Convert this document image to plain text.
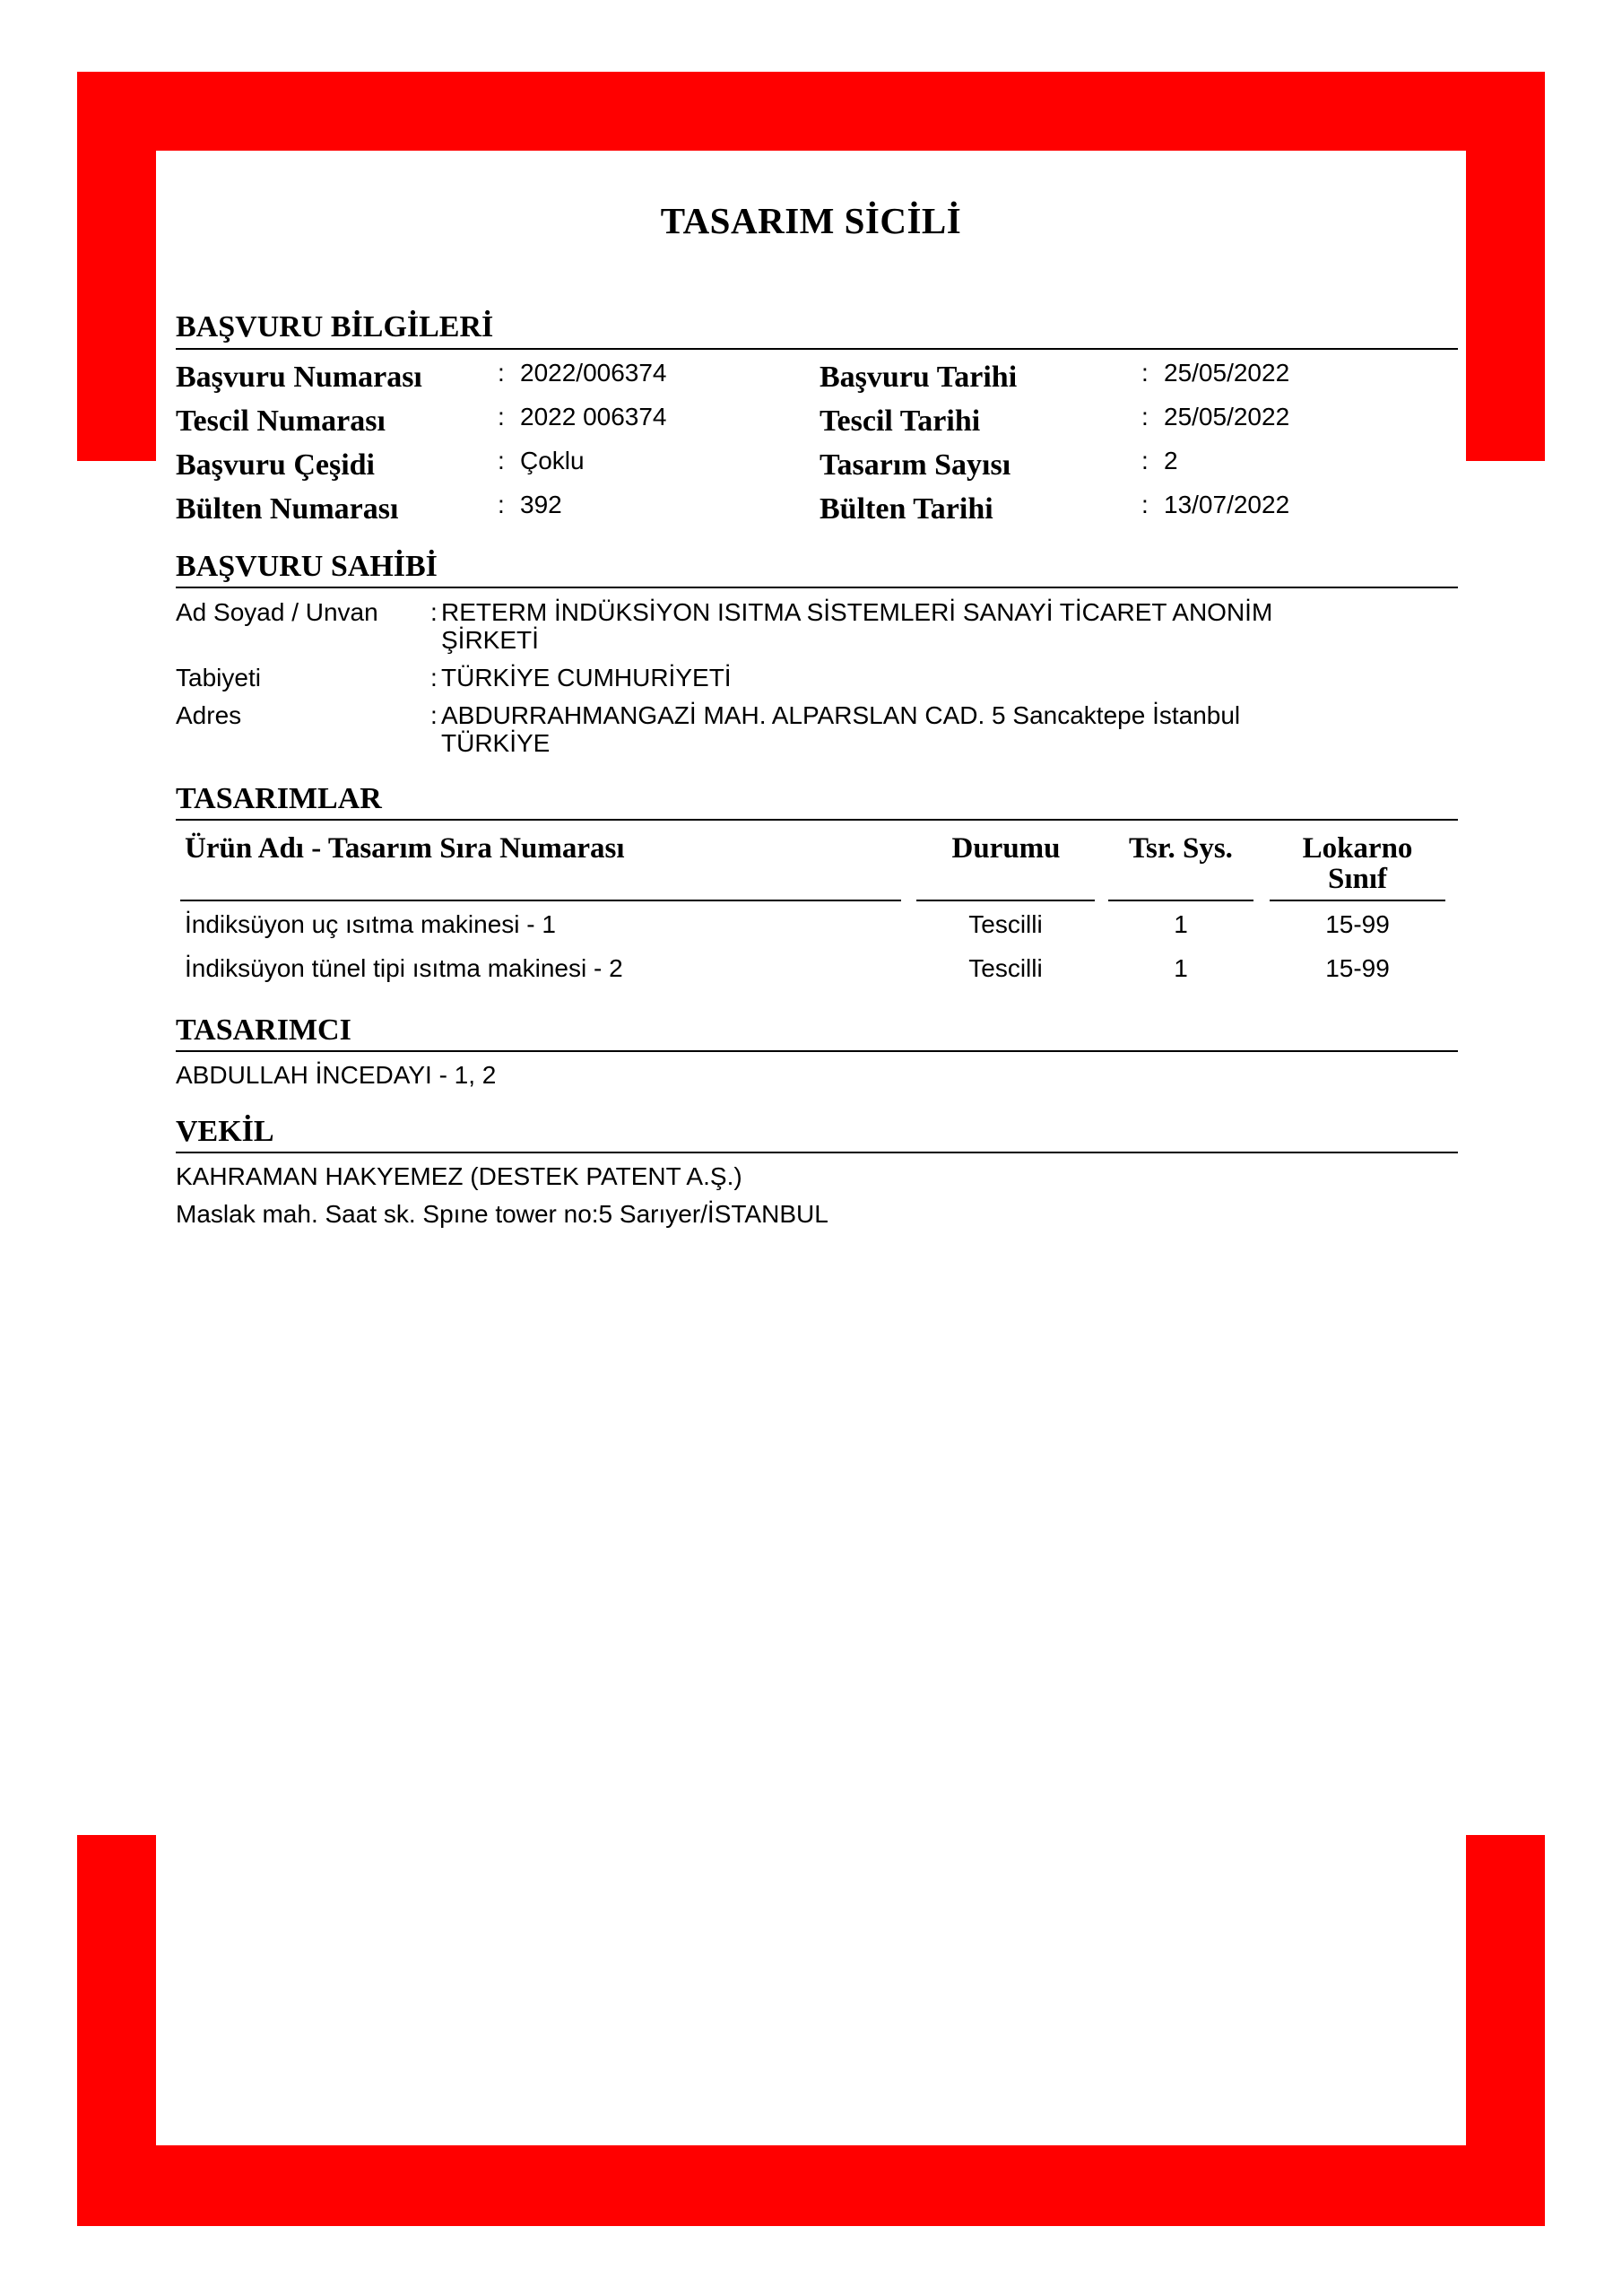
TASARIM SİCİLİ
BAŞVURU BİLGİLERİ
Başvuru Numarası	: 2022/006374
Tescil Numarası	: 2022 006374
Başvuru Çeşidi	: Çoklu
Bülten Numarası	: 392
Başvuru Tarihi	: 25/05/2022
Tescil Tarihi	: 25/05/2022
Tasarım Sayısı	: 2
Bülten Tarihi	: 13/07/2022
BAŞVURU SAHİBİ
Ad Soyad / Unvan : RETERM İNDÜKSİYON ISITMA SİSTEMLERİ SANAYİ TİCARET ANONİM
ŞİRKETİ
Tabiyeti	: TÜRKİYE CUMHURİYETİ
Adres	: ABDURRAHMANGAZİ MAH. ALPARSLAN CAD. 5 Sancaktepe İstanbul
TÜRKİYE
TASARIMLAR
Ürün Adı - Tasarım Sıra Numarası	Durumu	Tsr. Sys.	Lokarno
Sınıf
İndiksüyon uç ısıtma makinesi - 1	Tescilli	1	15-99
İndiksüyon tünel tipi ısıtma makinesi - 2	Tescilli	1	15-99
TASARIMCI
ABDULLAH İNCEDAYI - 1, 2
VEKİL
KAHRAMAN HAKYEMEZ (DESTEK PATENT A.Ş.)
Maslak mah. Saat sk. Spıne tower no:5 Sarıyer/İSTANBUL
